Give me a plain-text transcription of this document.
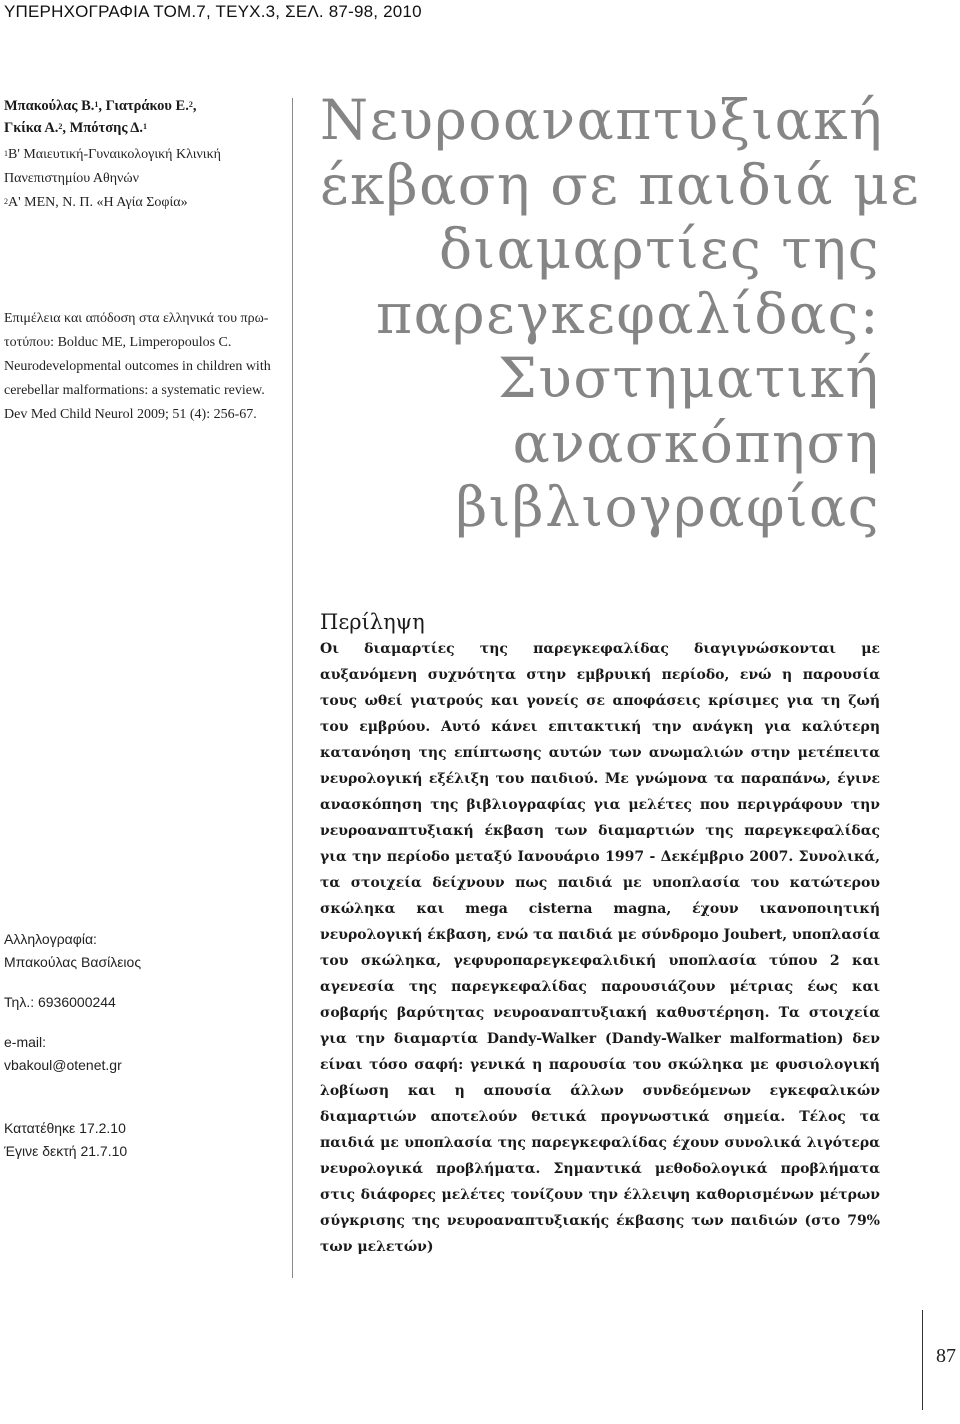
ΥΠΕΡΗΧΟΓΡΑΦΙΑ ΤΟΜ.7, ΤΕΥΧ.3, ΣΕΛ. 87-98, 2010
Μπακούλας Β.$^1$, Γιατράκου Ε.$^2$,
Γκίκα Α.$^2$, Μπότσης Δ.$^1$
$^1$Β' Μαιευτική-Γυναικολογική Κλινική
Πανεπιστημίου Αθηνών
$^2$Α' ΜΕΝ, Ν. Π. «Η Αγία Σοφία»
Επιμέλεια και απόδοση στα ελληνικά του πρω-
τοτύπου: Bolduc ME, Limperopoulos C.
Neurodevelopmental outcomes in children with
cerebellar malformations: a systematic review.
Dev Med Child Neurol 2009; 51 (4): 256-67.
Νευροαναπτυξιακή
έκβαση σε παιδιά με
διαμαρτίες της
παρεγκεφαλίδας:
Συστηματική
ανασκόπηση
βιβλιογραφίας
Περίληψη

Οι διαμαρτίες της παρεγκεφαλίδας διαγιγνώσκονται με αυξανόμενη συχνότητα στην εμβρυική περίοδο, ενώ η παρουσία τους ωθεί γιατρούς και γονείς σε αποφάσεις κρίσιμες για τη ζωή του εμβρύου. Αυτό κάνει επιτακτική την ανάγκη για καλύτερη κατανόηση της επίπτωσης αυτών των ανωμαλιών στην μετέπειτα νευρολογική εξέλιξη του παιδιού. Με γνώμονα τα παραπάνω, έγινε ανασκόπηση της βιβλιογραφίας για μελέτες που περιγράφουν την νευροαναπτυξιακή έκβαση των διαμαρτιών της παρεγκεφαλίδας για την περίοδο μεταξύ Ιανουάριο 1997 - Δεκέμβριο 2007. Συνολικά, τα στοιχεία δείχνουν πως παιδιά με υποπλασία του κατώτερου σκώληκα και mega cisterna magna, έχουν ικανοποιητική νευρολογική έκβαση, ενώ τα παιδιά με σύνδρομο Joubert, υποπλασία του σκώληκα, γεφυροπαρεγκεφαλιδική υποπλασία τύπου 2 και αγενεσία της παρεγκεφαλίδας παρουσιάζουν μέτριας έως και σοβαρής βαρύτητας νευροαναπτυξιακή καθυστέρηση. Τα στοιχεία για την διαμαρτία Dandy-Walker (Dandy-Walker malformation) δεν είναι τόσο σαφή: γενικά η παρουσία του σκώληκα με φυσιολογική λοβίωση και η απουσία άλλων συνδεόμενων εγκεφαλικών διαμαρτιών αποτελούν θετικά προγνωστικά σημεία. Τέλος τα παιδιά με υποπλασία της παρεγκεφαλίδας έχουν συνολικά λιγότερα νευρολογικά προβλήματα. Σημαντικά μεθοδολογικά προβλήματα στις διάφορες μελέτες τονίζουν την έλλειψη καθορισμένων μέτρων σύγκρισης της νευροαναπτυξιακής έκβασης των παιδιών (στο 79% των μελετών)

Αλληλογραφία:
Μπακούλας Βασίλειος
Τηλ.: 6936000244
e-mail:
vbakoul@otenet.gr
Κατατέθηκε 17.2.10
Έγινε δεκτή 21.7.10
87
